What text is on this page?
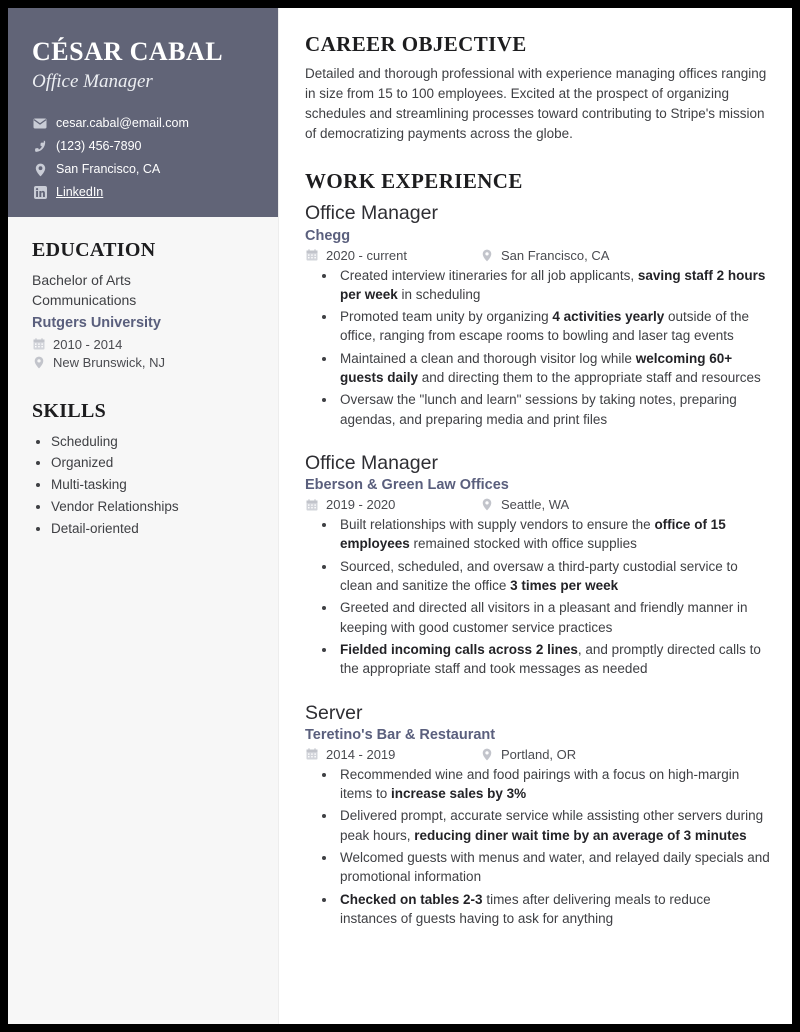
CÉSAR CABAL
Office Manager
cesar.cabal@email.com
(123) 456-7890
San Francisco, CA
LinkedIn
EDUCATION
Bachelor of Arts
Communications
Rutgers University
2010 - 2014
New Brunswick, NJ
SKILLS
• Scheduling
• Organized
• Multi-tasking
• Vendor Relationships
• Detail-oriented
CAREER OBJECTIVE

Detailed and thorough professional with experience managing offices ranging in size from 15 to 100 employees. Excited at the prospect of organizing schedules and streamlining processes toward contributing to Stripe's mission of democratizing payments across the globe.

WORK EXPERIENCE
Office Manager
Chegg
2020 - current	San Francisco, CA
• Created interview itineraries for all job applicants, saving staff 2 hours per week in scheduling
• Promoted team unity by organizing 4 activities yearly outside of the office, ranging from escape rooms to bowling and laser tag events
• Maintained a clean and thorough visitor log while welcoming 60+ guests daily and directing them to the appropriate staff and resources
• Oversaw the "lunch and learn" sessions by taking notes, preparing agendas, and preparing media and print files
Office Manager
Eberson & Green Law Offices
2019 - 2020	Seattle, WA
• Built relationships with supply vendors to ensure the office of 15 employees remained stocked with office supplies
• Sourced, scheduled, and oversaw a third-party custodial service to clean and sanitize the office 3 times per week
• Greeted and directed all visitors in a pleasant and friendly manner in keeping with good customer service practices
• Fielded incoming calls across 2 lines, and promptly directed calls to the appropriate staff and took messages as needed
Server
Teretino's Bar & Restaurant
2014 - 2019	Portland, OR
• Recommended wine and food pairings with a focus on high-margin items to increase sales by 3%
• Delivered prompt, accurate service while assisting other servers during peak hours, reducing diner wait time by an average of 3 minutes
• Welcomed guests with menus and water, and relayed daily specials and promotional information
• Checked on tables 2-3 times after delivering meals to reduce instances of guests having to ask for anything
